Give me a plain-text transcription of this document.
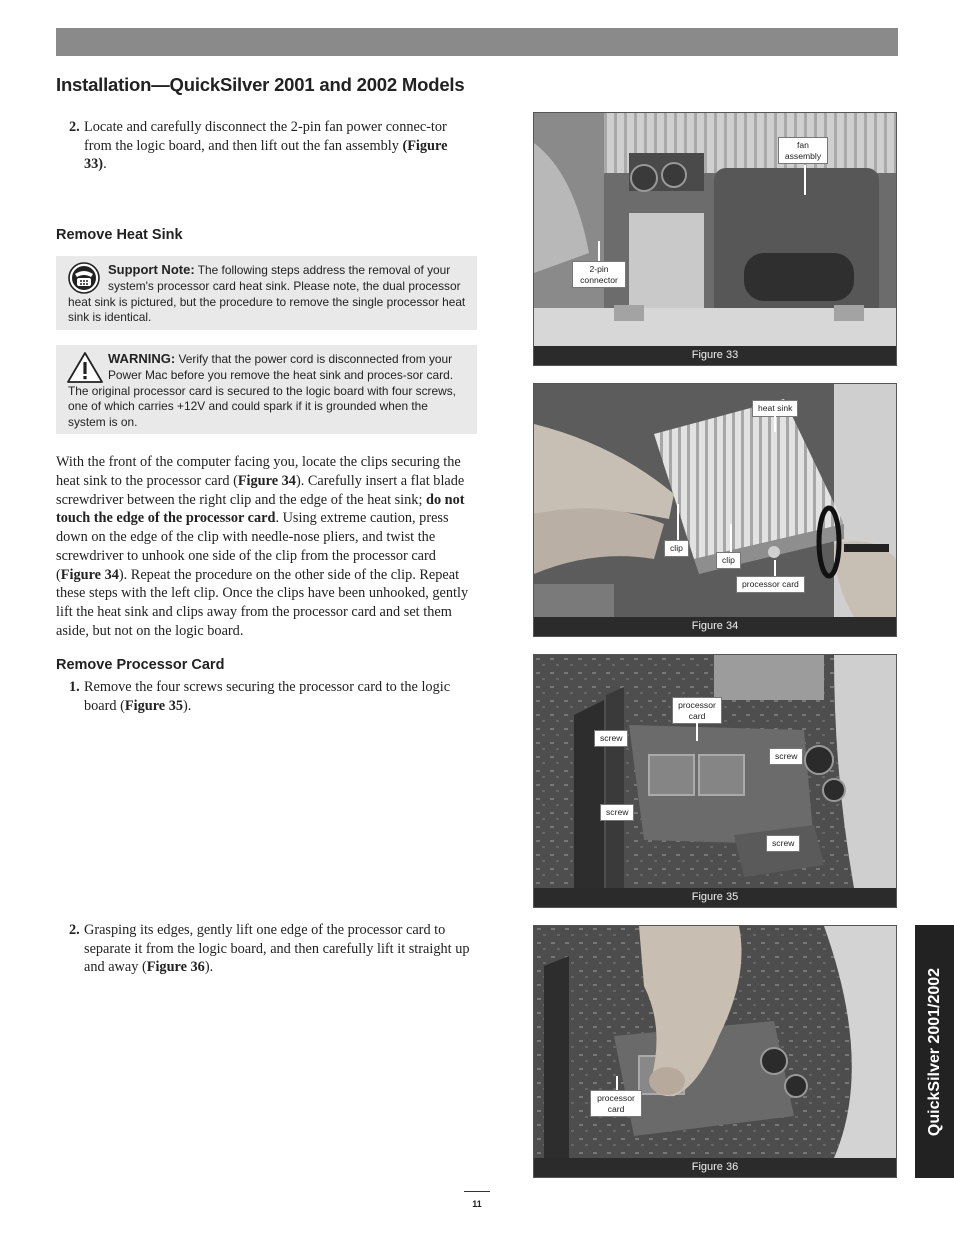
Installation—QuickSilver 2001 and 2002 Models
2. Locate and carefully disconnect the 2-pin fan power connec-tor from the logic board, and then lift out the fan assembly (Figure 33).
Remove Heat Sink
Support Note: The following steps address the removal of your system's processor card heat sink. Please note, the dual processor heat sink is pictured, but the procedure to remove the single processor heat sink is identical.
WARNING: Verify that the power cord is disconnected from your Power Mac before you remove the heat sink and proces-sor card. The original processor card is secured to the logic board with four screws, one of which carries +12V and could spark if it is grounded when the system is on.
With the front of the computer facing you, locate the clips securing the heat sink to the processor card (Figure 34). Carefully insert a flat blade screwdriver between the right clip and the edge of the heat sink; do not touch the edge of the processor card. Using extreme caution, press down on the edge of the clip with needle-nose pliers, and twist the screwdriver to unhook one side of the clip from the processor card (Figure 34). Repeat the procedure on the other side of the clip. Repeat these steps with the left clip. Once the clips have been unhooked, gently lift the heat sink and clips away from the processor card and set them aside, but not on the logic board.
Remove Processor Card
1. Remove the four screws securing the processor card to the logic board (Figure 35).
2. Grasping its edges, gently lift one edge of the processor card to separate it from the logic board, and then carefully lift it straight up and away (Figure 36).
fan assembly
2-pin connector
Figure 33
heat sink
clip
clip
processor card
Figure 34
processor card
screw
screw
screw
screw
Figure 35
processor card
Figure 36
QuickSilver 2001/2002
11
